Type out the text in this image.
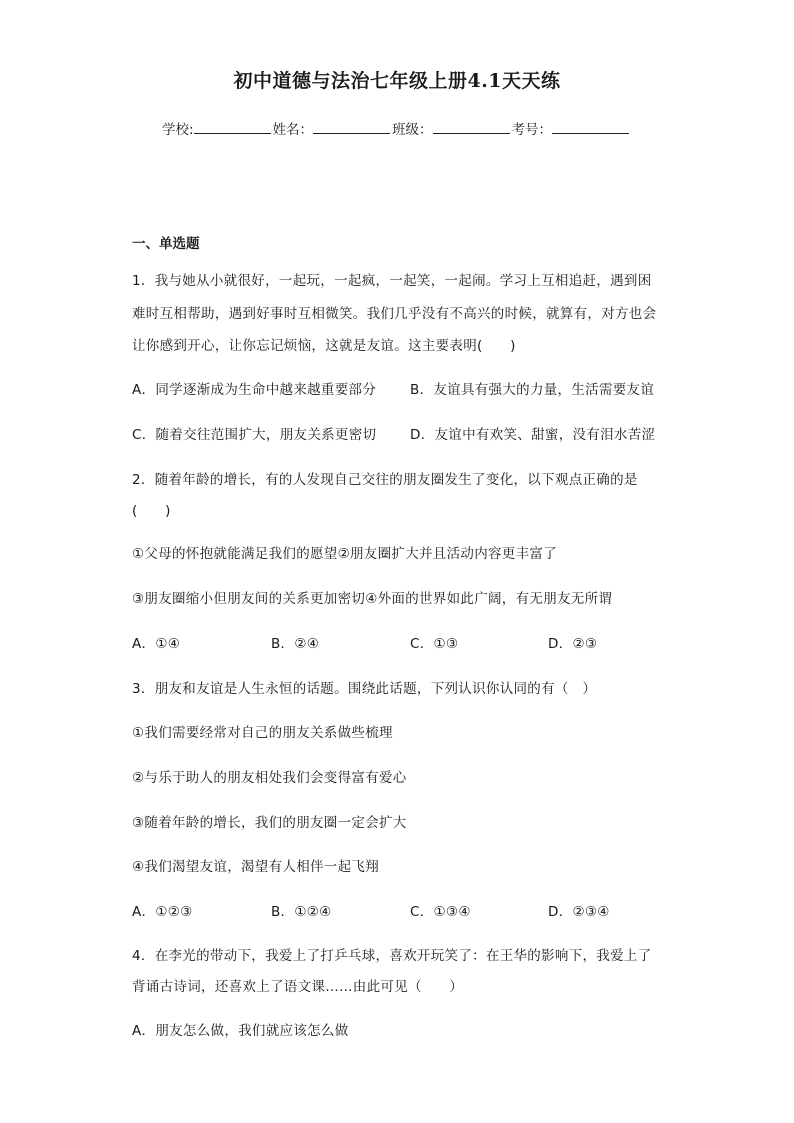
初中道德与法治七年级上册4.1天天练
学校:	姓名：	班级：	考号：
一、单选题
1．我与她从小就很好，一起玩，一起疯，一起笑，一起闹。学习上互相追赶，遇到困
难时互相帮助，遇到好事时互相微笑。我们几乎没有不高兴的时候，就算有，对方也会
让你感到开心，让你忘记烦恼，这就是友谊。这主要表明(　　)
A．同学逐渐成为生命中越来越重要部分	B．友谊具有强大的力量，生活需要友谊
C．随着交往范围扩大，朋友关系更密切 D．友谊中有欢笑、甜蜜，没有泪水苦涩
2．随着年龄的增长，有的人发现自己交往的朋友圈发生了变化，以下观点正确的是
(　　)
①父母的怀抱就能满足我们的愿望②朋友圈扩大并且活动内容更丰富了
③朋友圈缩小但朋友间的关系更加密切④外面的世界如此广阔，有无朋友无所谓
A．①④	B．②④	C．①③	D．②③
3．朋友和友谊是人生永恒的话题。围绕此话题，下列认识你认同的有（　）
①我们需要经常对自己的朋友关系做些梳理
②与乐于助人的朋友相处我们会变得富有爱心
③随着年龄的增长，我们的朋友圈一定会扩大
④我们渴望友谊，渴望有人相伴一起飞翔
A．①②③	B．①②④	C．①③④	D．②③④
4．在李光的带动下，我爱上了打乒乓球，喜欢开玩笑了：在王华的影响下，我爱上了
背诵古诗词，还喜欢上了语文课……由此可见（　　）
A．朋友怎么做，我们就应该怎么做
